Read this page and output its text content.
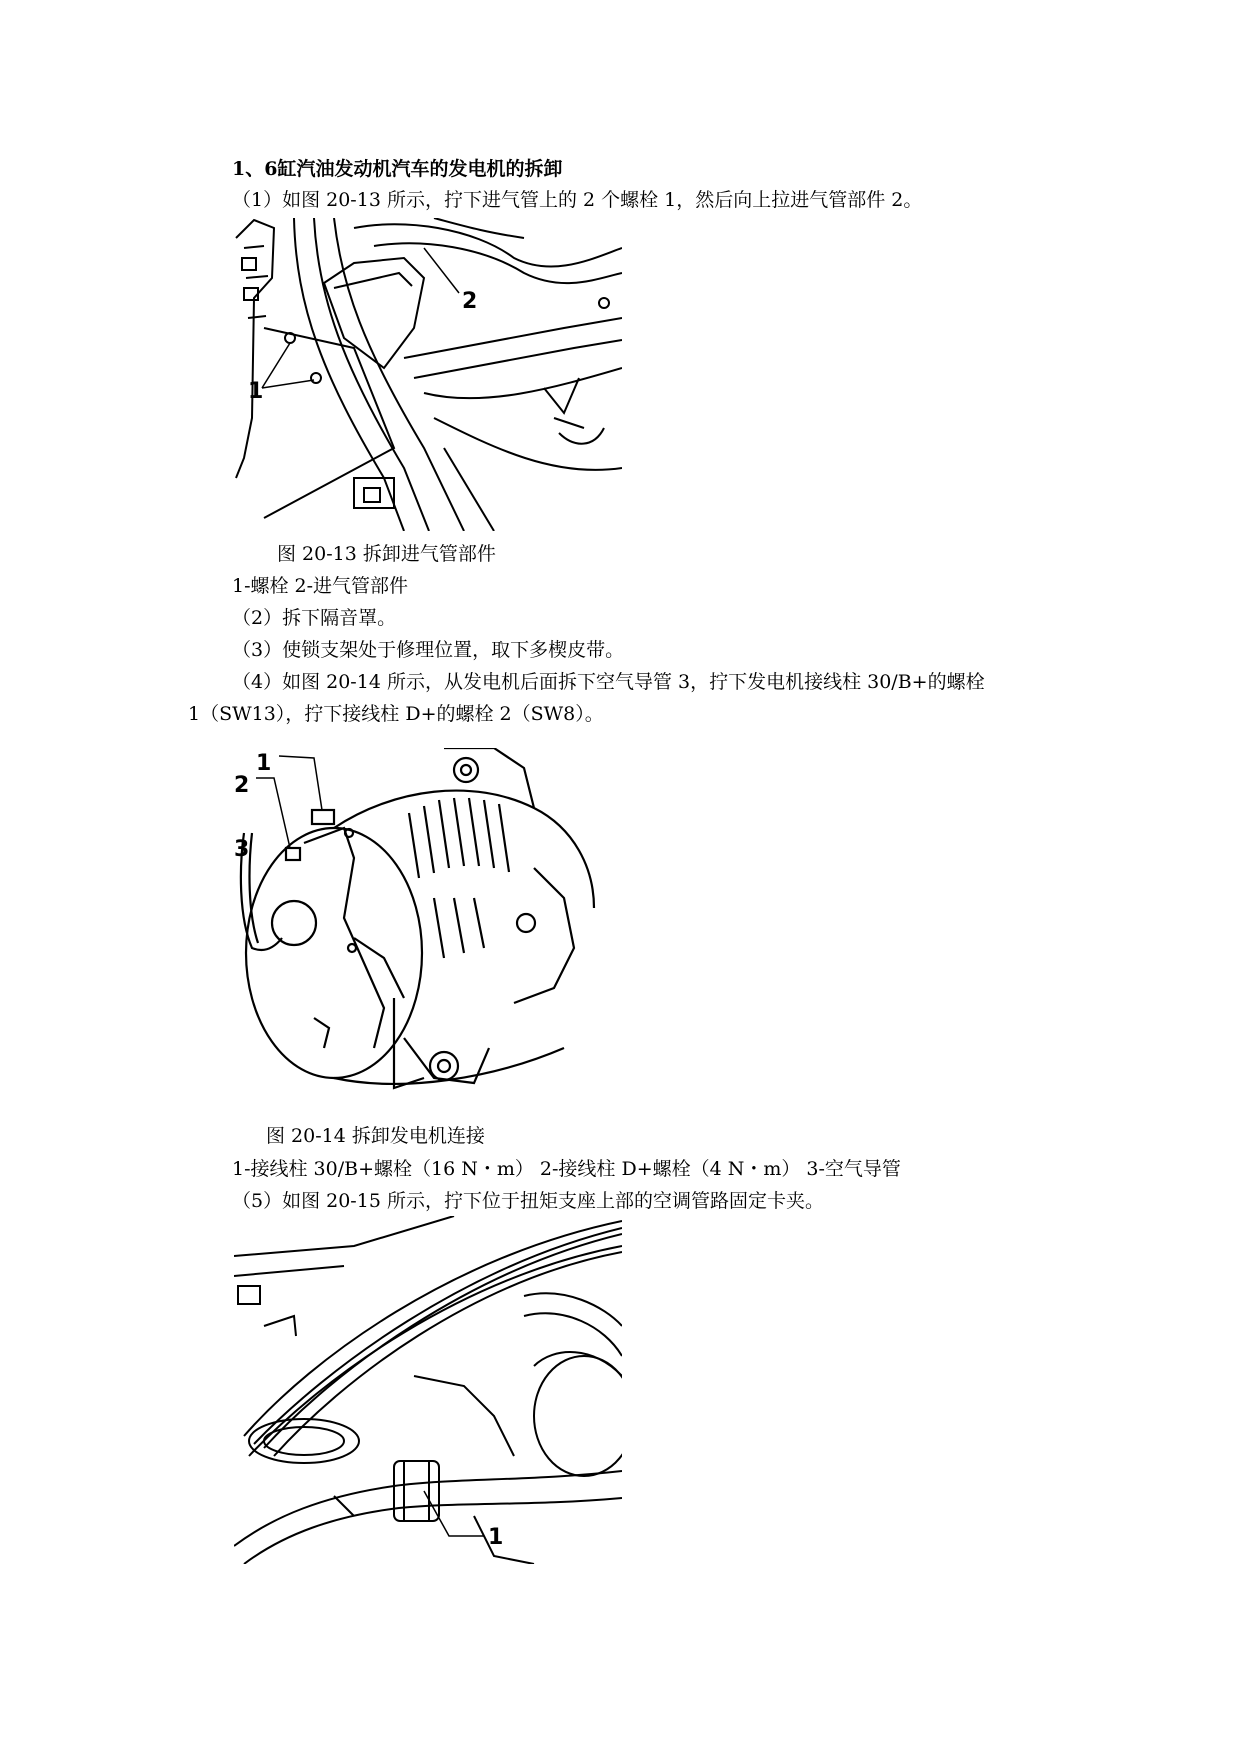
1、6缸汽油发动机汽车的发电机的拆卸
（1）如图 20-13 所示，拧下进气管上的 2 个螺栓 1，然后向上拉进气管部件 2。
1
2
图 20-13 拆卸进气管部件
1-螺栓 2-进气管部件
（2）拆下隔音罩。
（3）使锁支架处于修理位置，取下多楔皮带。
（4）如图 20-14 所示，从发电机后面拆下空气导管 3，拧下发电机接线柱 30/B+的螺栓
1（SW13），拧下接线柱 D+的螺栓 2（SW8）。
1
2
3
图 20-14 拆卸发电机连接
1-接线柱 30/B+螺栓（16 N・m） 2-接线柱 D+螺栓（4 N・m） 3-空气导管
（5）如图 20-15 所示，拧下位于扭矩支座上部的空调管路固定卡夹。
1
